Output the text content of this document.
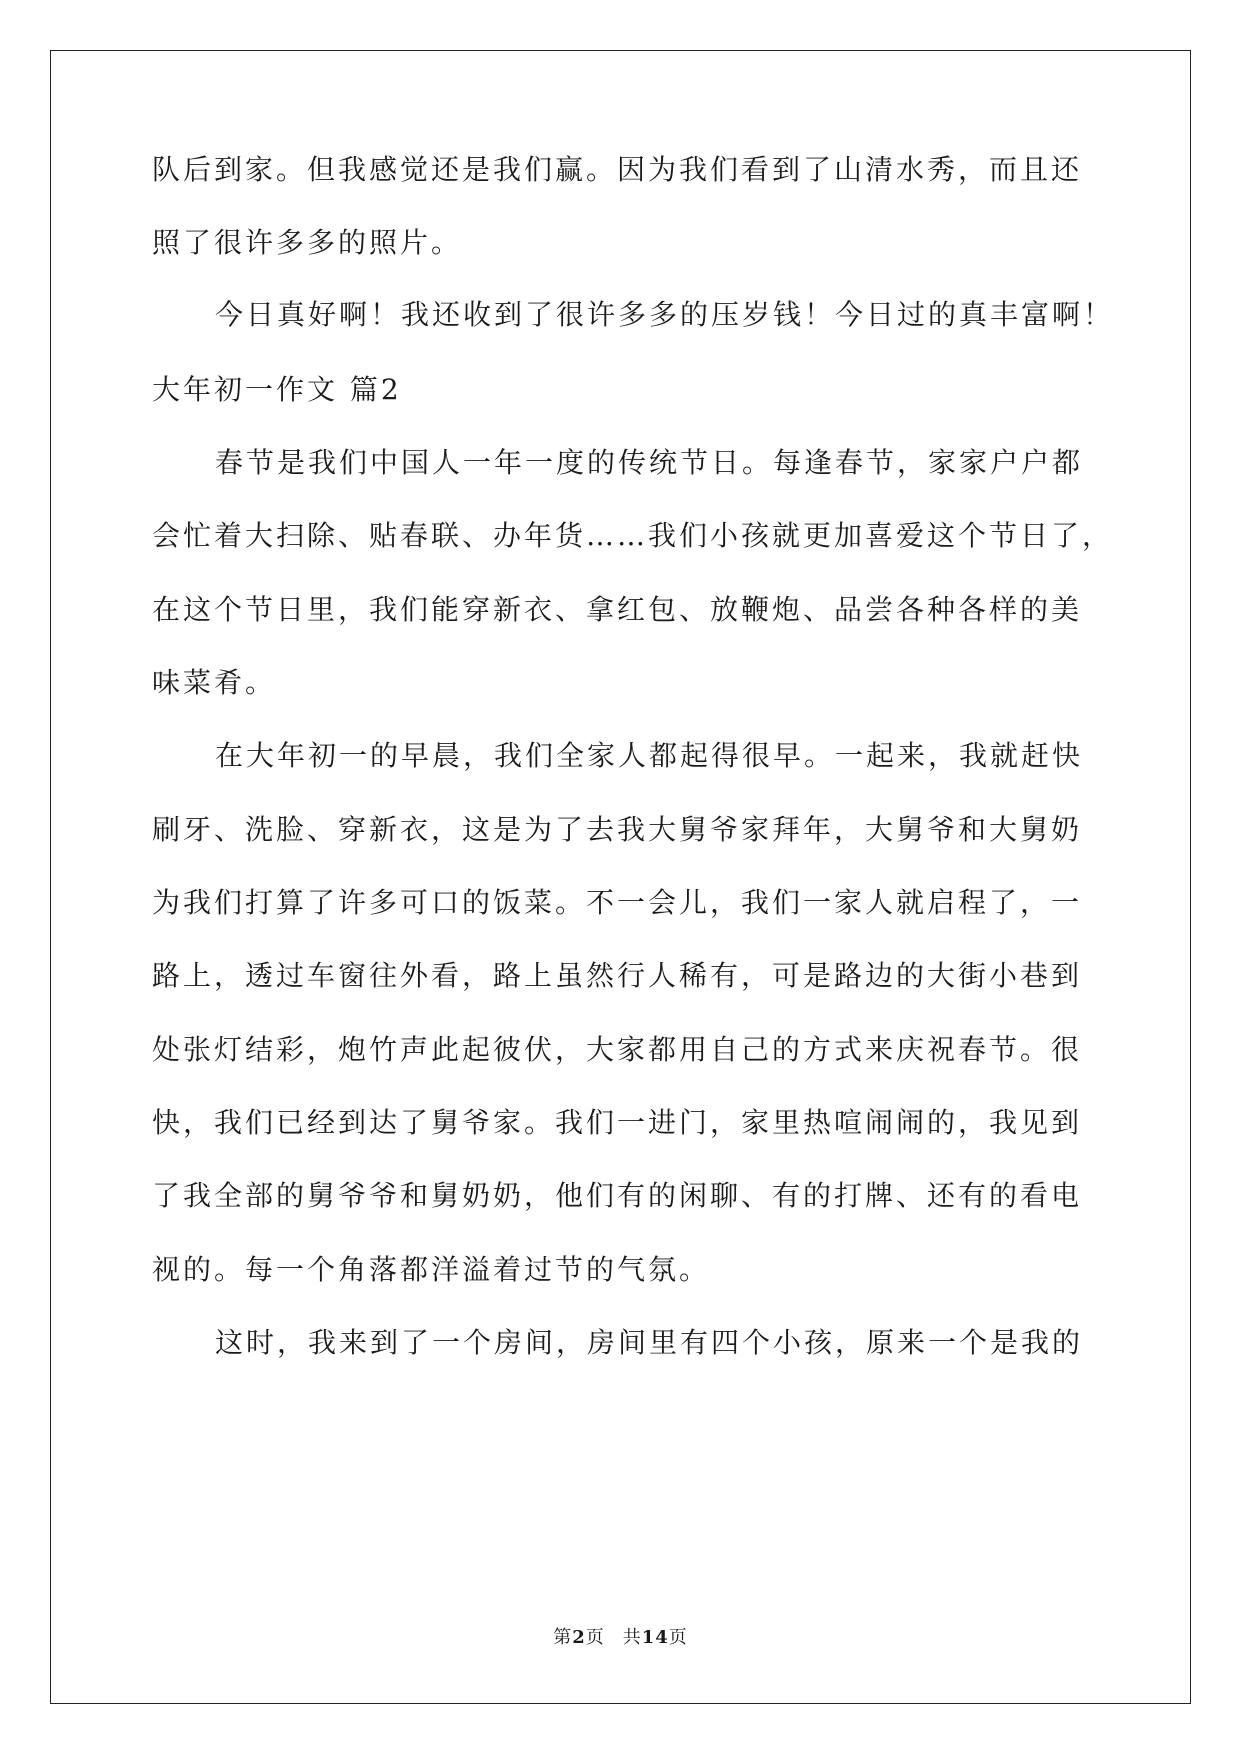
队后到家。但我感觉还是我们赢。因为我们看到了山清水秀，而且还
照了很许多多的照片。
今日真好啊！我还收到了很许多多的压岁钱！今日过的真丰富啊！
大年初一作文 篇2
春节是我们中国人一年一度的传统节日。每逢春节，家家户户都
会忙着大扫除、贴春联、办年货……我们小孩就更加喜爱这个节日了，
在这个节日里，我们能穿新衣、拿红包、放鞭炮、品尝各种各样的美
味菜肴。
在大年初一的早晨，我们全家人都起得很早。一起来，我就赶快
刷牙、洗脸、穿新衣，这是为了去我大舅爷家拜年，大舅爷和大舅奶
为我们打算了许多可口的饭菜。不一会儿，我们一家人就启程了，一
路上，透过车窗往外看，路上虽然行人稀有，可是路边的大街小巷到
处张灯结彩，炮竹声此起彼伏，大家都用自己的方式来庆祝春节。很
快，我们已经到达了舅爷家。我们一进门，家里热喧闹闹的，我见到
了我全部的舅爷爷和舅奶奶，他们有的闲聊、有的打牌、还有的看电
视的。每一个角落都洋溢着过节的气氛。
这时，我来到了一个房间，房间里有四个小孩，原来一个是我的
第2页 共14页
